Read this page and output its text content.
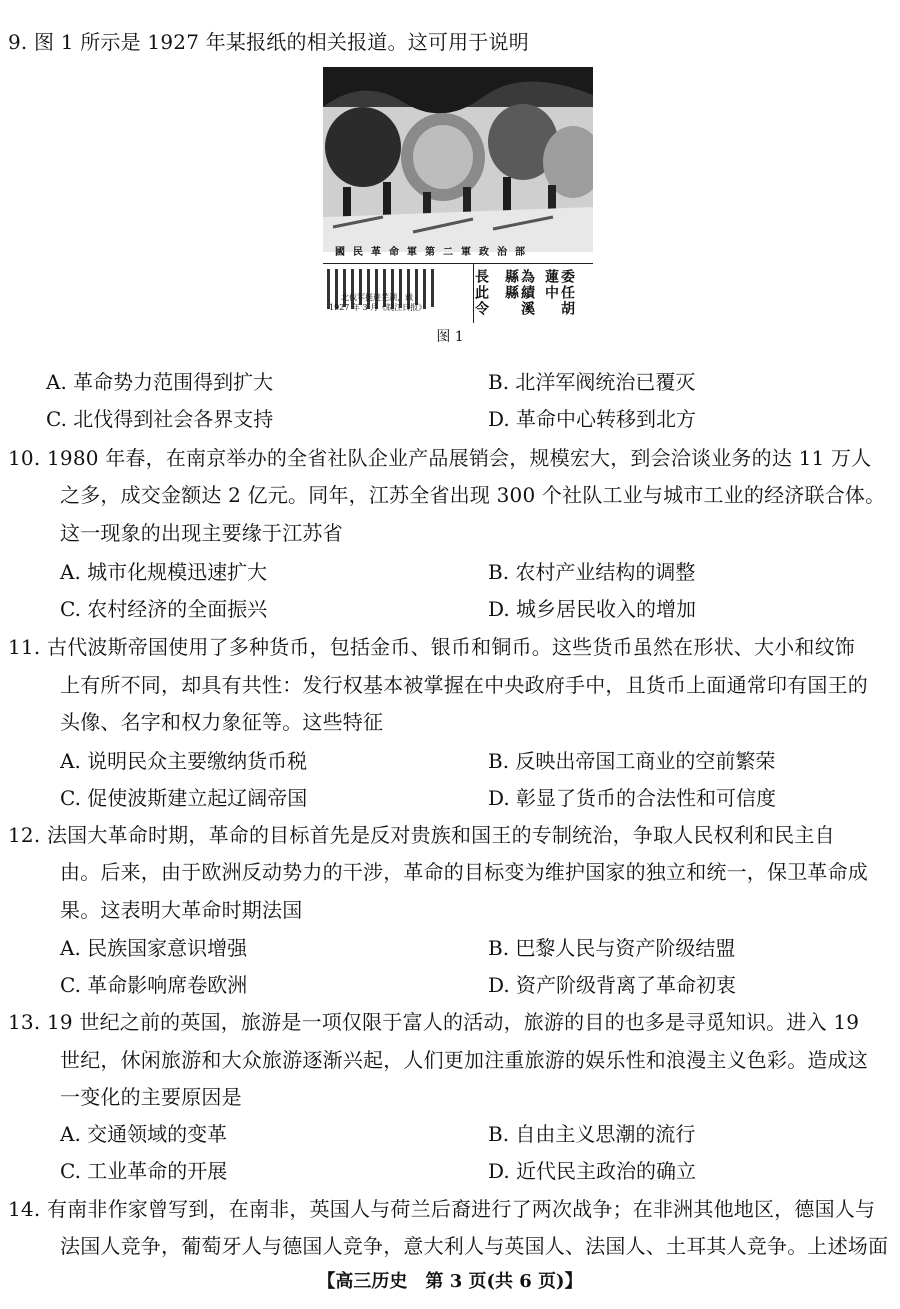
9. 图 1 所示是 1927 年某报纸的相关报道。这可用于说明
國民革命軍第二軍政治部
長此令	為績溪縣縣	委任胡蓮中
北伐军挺进芜湖，载
1927 年 3 月《皖江日报》
图 1
A. 革命势力范围得到扩大	B. 北洋军阀统治已覆灭
C. 北伐得到社会各界支持	D. 革命中心转移到北方
10. 1980 年春，在南京举办的全省社队企业产品展销会，规模宏大，到会洽谈业务的达 11 万人
之多，成交金额达 2 亿元。同年，江苏全省出现 300 个社队工业与城市工业的经济联合体。
这一现象的出现主要缘于江苏省
A. 城市化规模迅速扩大	B. 农村产业结构的调整
C. 农村经济的全面振兴	D. 城乡居民收入的增加
11. 古代波斯帝国使用了多种货币，包括金币、银币和铜币。这些货币虽然在形状、大小和纹饰
上有所不同，却具有共性：发行权基本被掌握在中央政府手中，且货币上面通常印有国王的
头像、名字和权力象征等。这些特征
A. 说明民众主要缴纳货币税	B. 反映出帝国工商业的空前繁荣
C. 促使波斯建立起辽阔帝国	D. 彰显了货币的合法性和可信度
12. 法国大革命时期，革命的目标首先是反对贵族和国王的专制统治，争取人民权利和民主自
由。后来，由于欧洲反动势力的干涉，革命的目标变为维护国家的独立和统一，保卫革命成
果。这表明大革命时期法国
A. 民族国家意识增强	B. 巴黎人民与资产阶级结盟
C. 革命影响席卷欧洲	D. 资产阶级背离了革命初衷
13. 19 世纪之前的英国，旅游是一项仅限于富人的活动，旅游的目的也多是寻觅知识。进入 19
世纪，休闲旅游和大众旅游逐渐兴起，人们更加注重旅游的娱乐性和浪漫主义色彩。造成这
一变化的主要原因是
A. 交通领域的变革	B. 自由主义思潮的流行
C. 工业革命的开展	D. 近代民主政治的确立
14. 有南非作家曾写到，在南非，英国人与荷兰后裔进行了两次战争；在非洲其他地区，德国人与
法国人竞争，葡萄牙人与德国人竞争，意大利人与英国人、法国人、土耳其人竞争。上述场面
【高三历史　第 3 页(共 6 页)】
